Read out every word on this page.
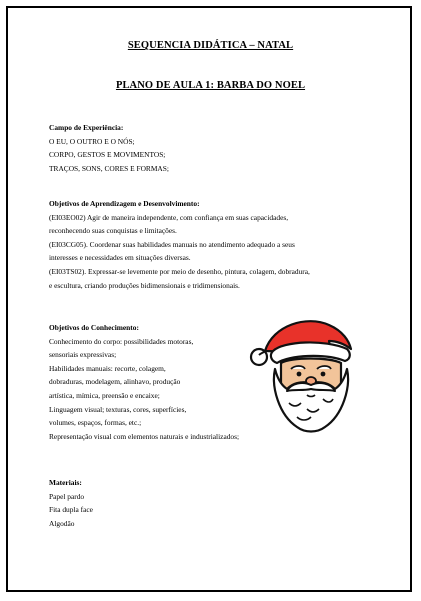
SEQUENCIA DIDÁTICA – NATAL
PLANO DE AULA 1: BARBA DO NOEL
Campo de Experiência:
O EU, O OUTRO E O NÓS;
CORPO, GESTOS E MOVIMENTOS;
TRAÇOS, SONS, CORES E FORMAS;
Objetivos de Aprendizagem e Desenvolvimento:
(EI03EO02) Agir de maneira independente, com confiança em suas capacidades,
reconhecendo suas conquistas e limitações.
(EI03CG05). Coordenar suas habilidades manuais no atendimento adequado a seus
interesses e necessidades em situações diversas.
(EI03TS02). Expressar-se levemente por meio de desenho, pintura, colagem, dobradura,
e escultura, criando produções bidimensionais e tridimensionais.
Objetivos do Conhecimento:
Conhecimento do corpo: possibilidades motoras,
sensoriais expressivas;
Habilidades manuais: recorte, colagem,
dobraduras, modelagem, alinhavo, produção
artística, mímica, preensão e encaixe;
Linguagem visual; texturas, cores, superfícies,
volumes, espaços, formas, etc.;
Representação visual com elementos naturais e industrializados;
Materiais:
Papel pardo
Fita dupla face
Algodão
